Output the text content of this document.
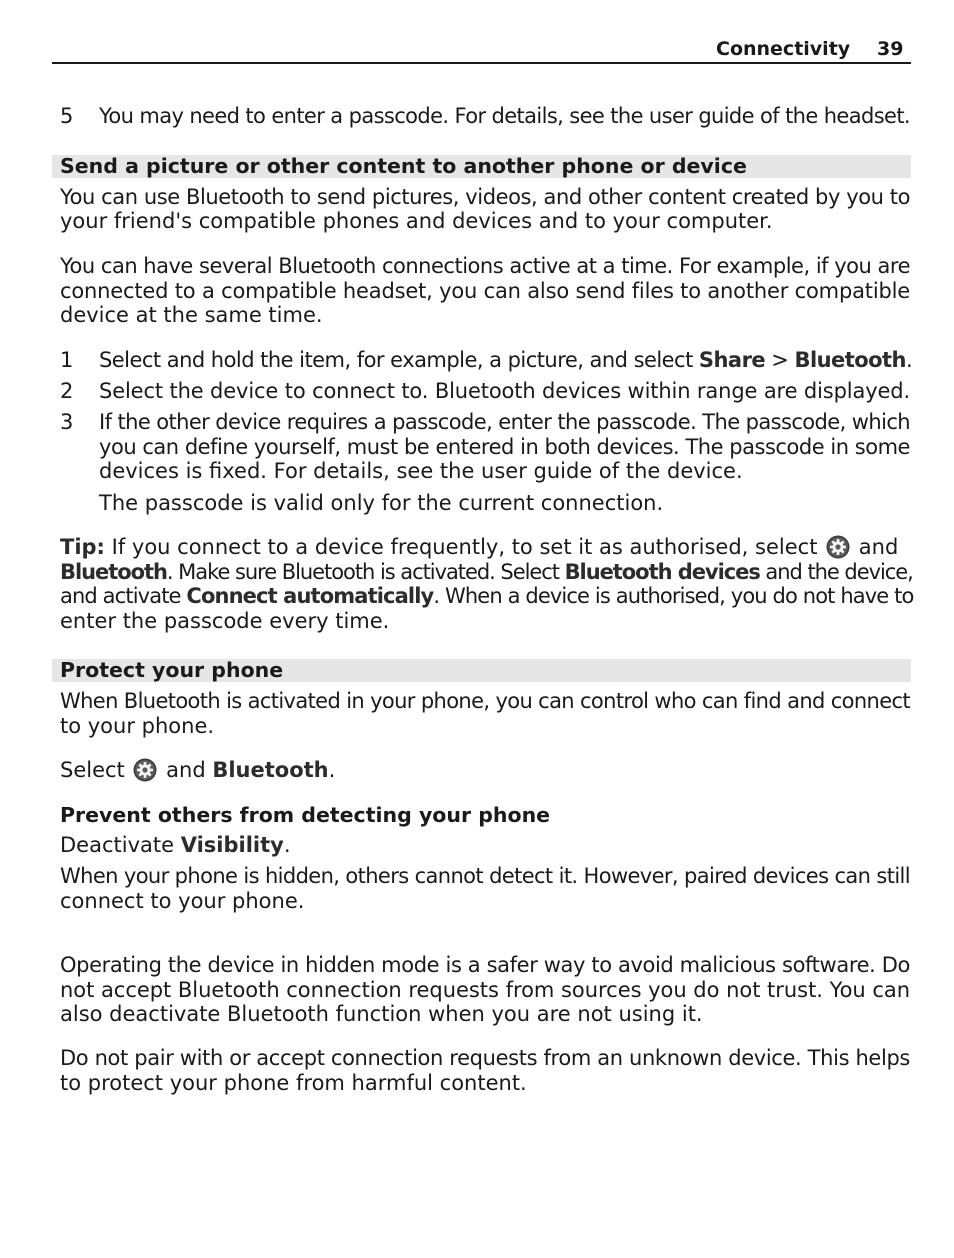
Connectivity 39
5 You may need to enter a passcode. For details, see the user guide of the headset.
Send a picture or other content to another phone or device
You can use Bluetooth to send pictures, videos, and other content created by you to
your friend's compatible phones and devices and to your computer.
You can have several Bluetooth connections active at a time. For example, if you are
connected to a compatible headset, you can also send files to another compatible
device at the same time.
1 Select and hold the item, for example, a picture, and select Share > Bluetooth.
2 Select the device to connect to. Bluetooth devices within range are displayed.
3 If the other device requires a passcode, enter the passcode. The passcode, which
you can define yourself, must be entered in both devices. The passcode in some
devices is fixed. For details, see the user guide of the device.
The passcode is valid only for the current connection.
Tip: If you connect to a device frequently, to set it as authorised, select  and
Bluetooth. Make sure Bluetooth is activated. Select Bluetooth devices and the device,
and activate Connect automatically. When a device is authorised, you do not have to
enter the passcode every time.
Protect your phone
When Bluetooth is activated in your phone, you can control who can find and connect
to your phone.
Select  and Bluetooth.
Prevent others from detecting your phone
Deactivate Visibility.
When your phone is hidden, others cannot detect it. However, paired devices can still
connect to your phone.
Operating the device in hidden mode is a safer way to avoid malicious software. Do
not accept Bluetooth connection requests from sources you do not trust. You can
also deactivate Bluetooth function when you are not using it.
Do not pair with or accept connection requests from an unknown device. This helps
to protect your phone from harmful content.
